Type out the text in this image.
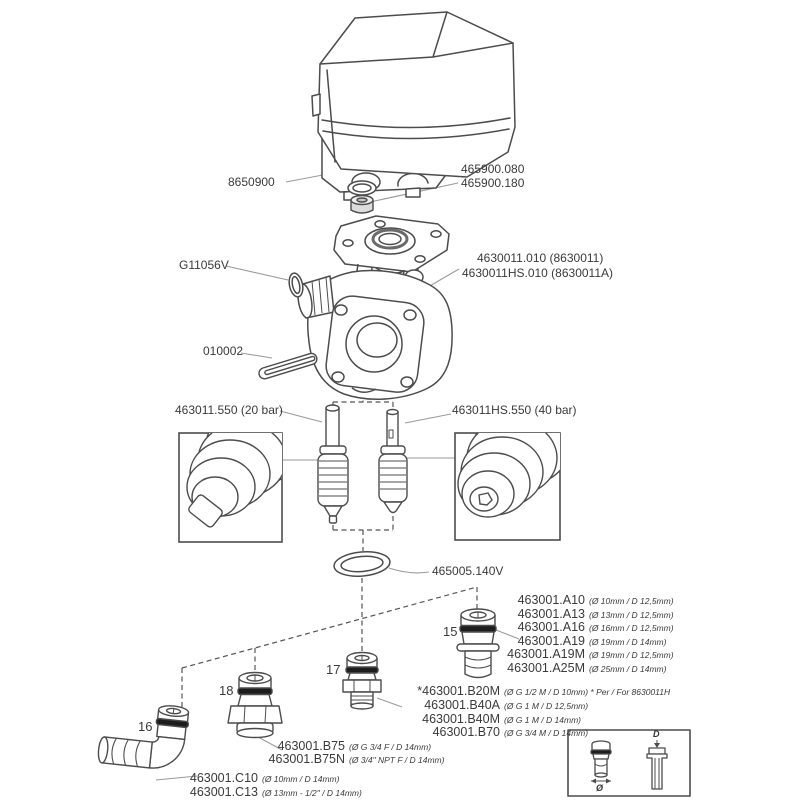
8650900
465900.080
465900.180
G11056V	4630011.010 (8630011)
4630011HS.010 (8630011A)
010002
463011.550 (20 bar)	463011HS.550 (40 bar)
465005.140V
15
16
17
18
463001.A10 (Ø 10mm / D 12,5mm)
463001.A13 (Ø 13mm / D 12,5mm)
463001.A16 (Ø 16mm / D 12,5mm)
463001.A19 (Ø 19mm / D 14mm)
463001.A19M (Ø 19mm / D 12,5mm)
463001.A25M (Ø 25mm / D 14mm)
*463001.B20M (Ø G 1/2 M / D 10mm) * Per / For 8630011H
463001.B40A (Ø G 1 M / D 12,5mm)
463001.B40M (Ø G 1 M / D 14mm)
463001.B70 (Ø G 3/4 M / D 14mm)
463001.B75 (Ø G 3/4 F / D 14mm)
463001.B75N (Ø 3/4" NPT F / D 14mm)
463001.C10 (Ø 10mm / D 14mm)
463001.C13 (Ø 13mm - 1/2" / D 14mm)	Ø
D
